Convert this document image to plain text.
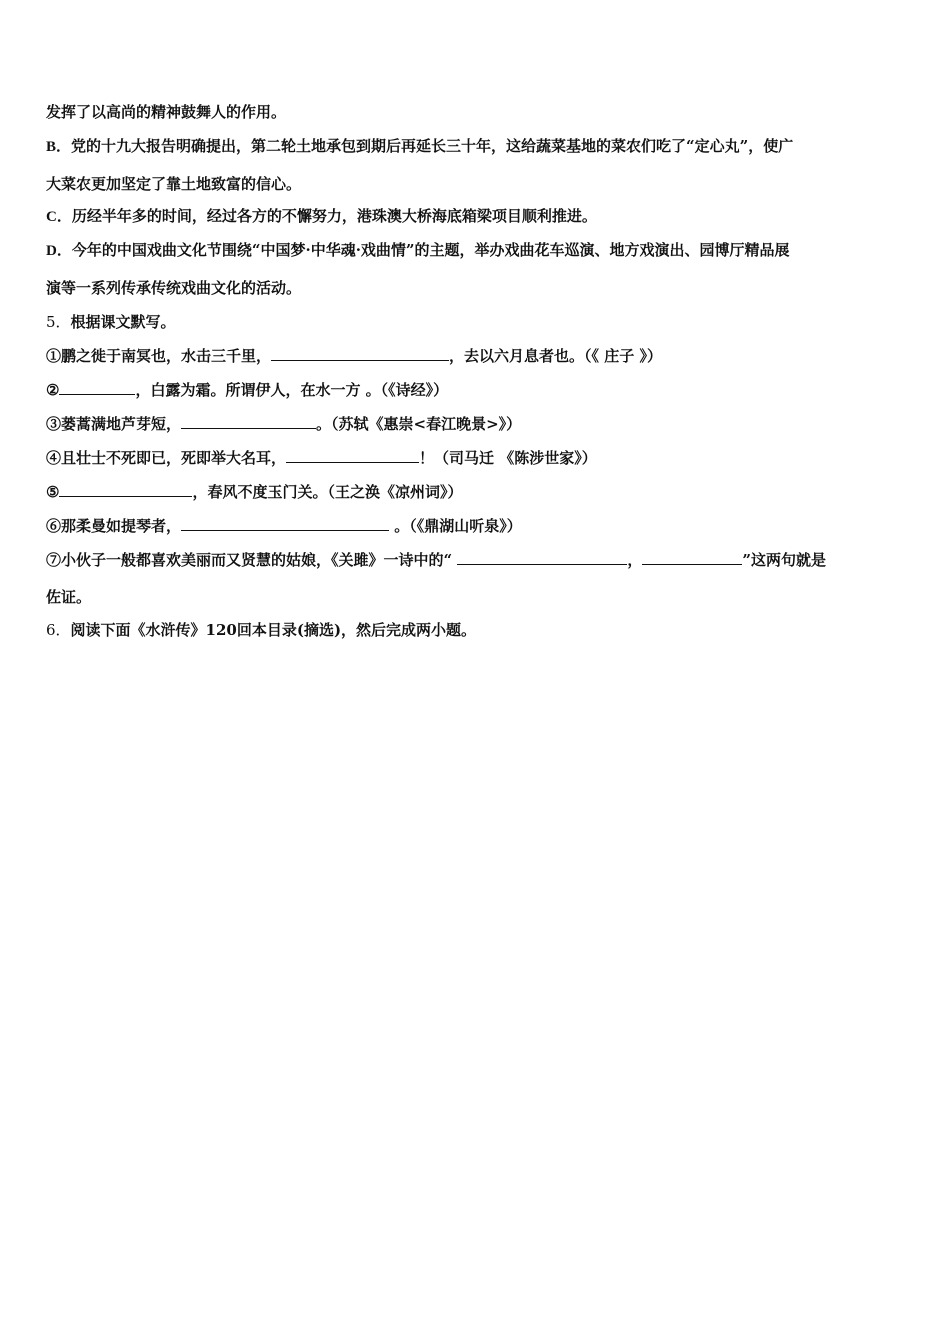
发挥了以高尚的精神鼓舞人的作用。
B．党的十九大报告明确提出，第二轮土地承包到期后再延长三十年，这给蔬菜基地的菜农们吃了“定心丸”，使广
大菜农更加坚定了靠土地致富的信心。
C．历经半年多的时间，经过各方的不懈努力，港珠澳大桥海底箱梁项目顺利推进。
D．今年的中国戏曲文化节围绕“中国梦·中华魂·戏曲情”的主题，举办戏曲花车巡演、地方戏演出、园博厅精品展
演等一系列传承传统戏曲文化的活动。
5．根据课文默写。
①鹏之徙于南冥也，水击三千里，	，去以六月息者也。（《 庄子 》）
②	，白露为霜。所谓伊人，在水一方 。（《诗经》）
③蒌蒿满地芦芽短，	。（苏轼《惠崇<春江晚景>》）
④且壮士不死即已，死即举大名耳，	！（司马迁 《陈涉世家》）
⑤	，春风不度玉门关。（王之涣《凉州词》）
⑥那柔曼如提琴者，	。（《鼎湖山听泉》）
⑦小伙子一般都喜欢美丽而又贤慧的姑娘，《关雎》一诗中的“	，	”这两句就是
佐证。
6．阅读下面《水浒传》120回本目录(摘选)，然后完成两小题。
